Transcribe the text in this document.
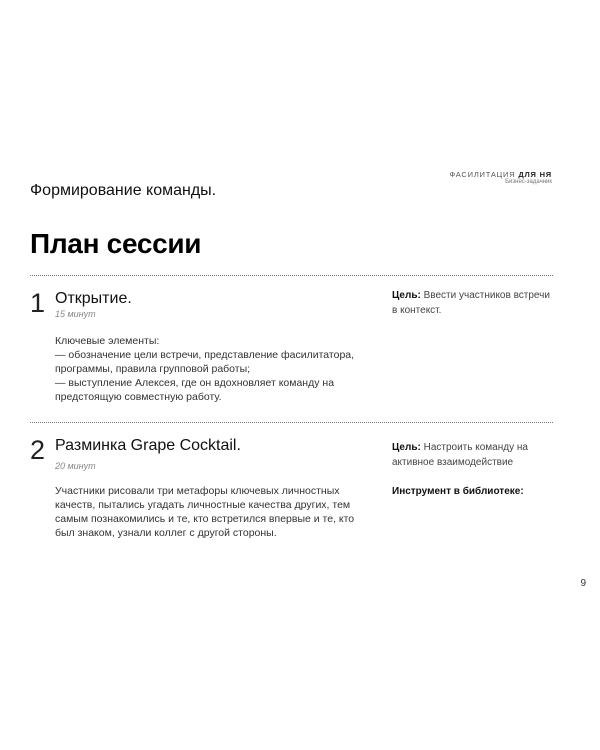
ФАСИЛИТАЦИЯ ДЛЯ НЯ
Бизнес-задачник
Формирование команды.
План сессии
1 Открытие.
15 минут
Ключевые элементы:
— обозначение цели встречи, представление фасилитатора, программы, правила групповой работы;
— выступление Алексея, где он вдохновляет команду на предстоящую совместную работу.
Цель: Ввести участников встречи в контекст.
2 Разминка Grape Cocktail.
20 минут
Участники рисовали три метафоры ключевых личностных качеств, пытались угадать личностные качества других, тем самым познакомились и те, кто встретился впервые и те, кто был знаком, узнали коллег с другой стороны.
Цель: Настроить команду на активное взаимодействие
Инструмент в библиотеке:
9
